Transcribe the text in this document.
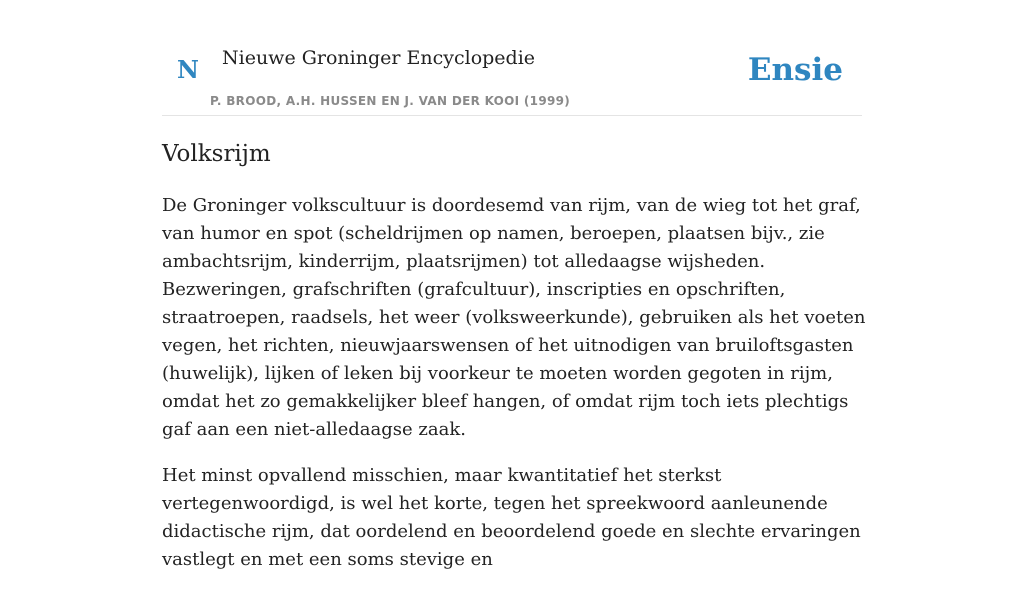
N Nieuwe Groninger Encyclopedie
P. BROOD, A.H. HUSSEN EN J. VAN DER KOOI (1999)
Ensie
Volksrijm

De Groninger volkscultuur is doordesemd van rijm, van de wieg tot het graf, van humor en spot (scheldrijmen op namen, beroepen, plaatsen bijv., zie ambachtsrijm, kinderrijm, plaatsrijmen) tot alledaagse wijsheden. Bezweringen, grafschriften (grafcultuur), inscripties en opschriften, straatroepen, raadsels, het weer (volksweerkunde), gebruiken als het voeten vegen, het richten, nieuwjaarswensen of het uitnodigen van bruiloftsgasten (huwelijk), lijken of leken bij voorkeur te moeten worden gegoten in rijm, omdat het zo gemakkelijker bleef hangen, of omdat rijm toch iets plechtigs gaf aan een niet-alledaagse zaak.

Het minst opvallend misschien, maar kwantitatief het sterkst vertegenwoordigd, is wel het korte, tegen het spreekwoord aanleunende didactische rijm, dat oordelend en beoordelend goede en slechte ervaringen vastlegt en met een soms stevige en
